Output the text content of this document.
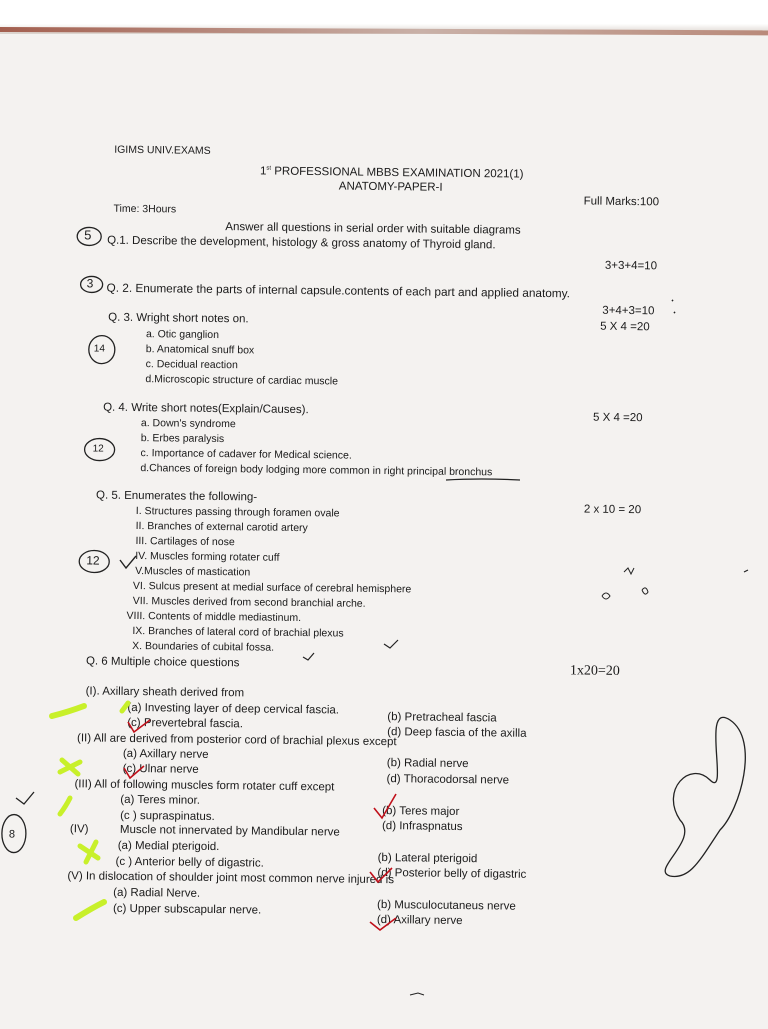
IGIMS UNIV.EXAMS
1st PROFESSIONAL MBBS EXAMINATION 2021(1)
ANATOMY-PAPER-I
Full Marks:100
Time: 3Hours
Answer all questions in serial order with suitable diagrams
Q.1. Describe the development, histology & gross anatomy of Thyroid gland.
3+3+4=10
Q. 2. Enumerate the parts of internal capsule.contents of each part and applied anatomy.
3+4+3=10
Q. 3. Wright short notes on.
5 X 4 =20
a. Otic ganglion
b. Anatomical snuff box
c. Decidual reaction
d.Microscopic structure of cardiac muscle
Q. 4. Write short notes(Explain/Causes).
5 X 4 =20
a. Down's syndrome
b. Erbes paralysis
c. Importance of cadaver for Medical science.
d.Chances of foreign body lodging more common in right principal bronchus
Q. 5. Enumerates the following-
2 x 10 = 20
I. Structures passing through foramen ovale
II. Branches of external carotid artery
III. Cartilages of nose
IV. Muscles forming rotater cuff
V.Muscles of mastication
VI. Sulcus present at medial surface of cerebral hemisphere
VII. Muscles derived from second branchial arche.
VIII. Contents of middle mediastinum.
IX. Branches of lateral cord of brachial plexus
X. Boundaries of cubital fossa.
Q. 6 Multiple choice questions
1x20=20
(I). Axillary sheath derived from
(a) Investing layer of deep cervical fascia.
(b) Pretracheal fascia
(c) Prevertebral fascia.
(d) Deep fascia of the axilla
(II) All are derived from posterior cord of brachial plexus except
(a) Axillary nerve
(b) Radial nerve
(c) Ulnar nerve
(d) Thoracodorsal nerve
(III) All of following muscles form rotater cuff except
(a) Teres minor.
(b) Teres major
(c ) supraspinatus.
(d) Infraspnatus
(IV)	Muscle not innervated by Mandibular nerve
(a) Medial pterigoid.
(b) Lateral pterigoid
(c ) Anterior belly of digastric.
(d) Posterior belly of digastric
(V) In dislocation of shoulder joint most common nerve injured is
(a) Radial Nerve.
(b) Musculocutaneus nerve
(c) Upper subscapular nerve.
(d) Axillary nerve
5
3
14
12
12
8
